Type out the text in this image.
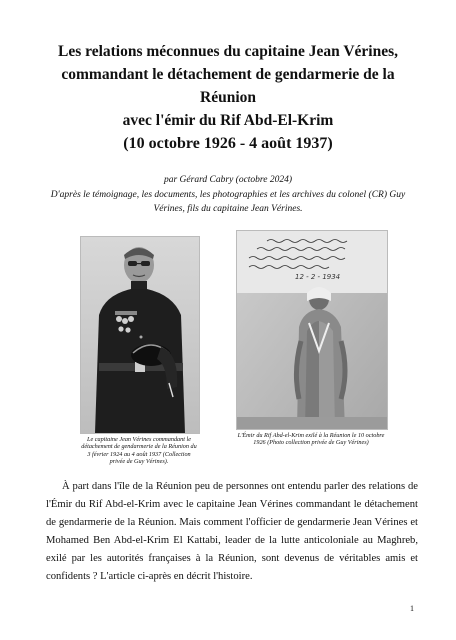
Les relations méconnues du capitaine Jean Vérines,
commandant le détachement de gendarmerie de la
Réunion
avec l'émir du Rif Abd-El-Krim
(10 octobre 1926 - 4 août 1937)
par Gérard Cabry (octobre 2024)
D'après le témoignage, les documents, les photographies et les archives du colonel (CR) Guy Vérines, fils du capitaine Jean Vérines.
Le capitaine Jean Vérines commandant le détachement de gendarmerie de la Réunion du 3 février 1924 au 4 août 1937 (Collection privée de Guy Vérines).
12 - 2 - 1934
L'Émir du Rif Abd-el-Krim exilé à la Réunion le 10 octobre 1926 (Photo collection privée de Guy Vérines)

À part dans l'île de la Réunion peu de personnes ont entendu parler des relations de l'Émir du Rif Abd-el-Krim avec le capitaine Jean Vérines commandant le détachement de gendarmerie de la Réunion. Mais comment l'officier de gendarmerie Jean Vérines et Mohamed Ben Abd-el-Krim El Kattabi, leader de la lutte anticoloniale au Maghreb, exilé par les autorités françaises à la Réunion, sont devenus de véritables amis et confidents ? L'article ci-après en décrit l'histoire.

1
